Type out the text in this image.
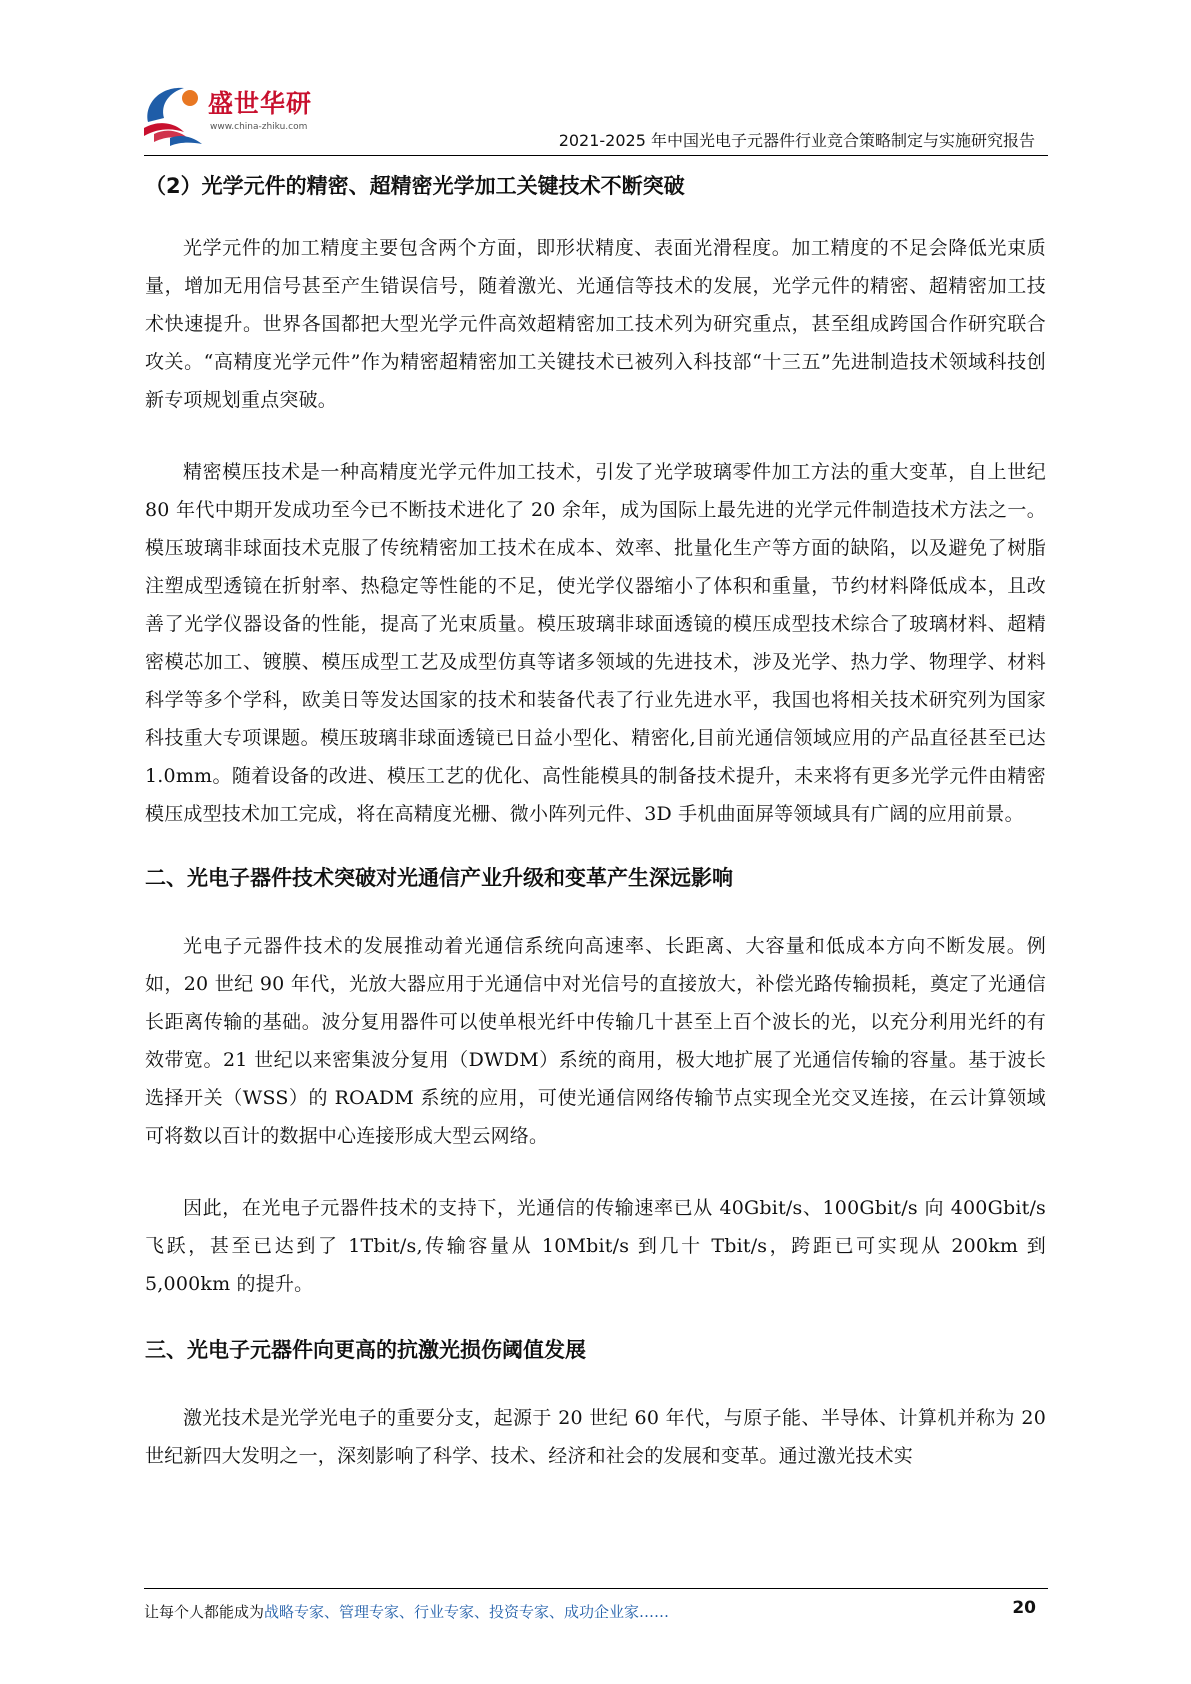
盛世华研
www.china-zhiku.com
2021-2025 年中国光电子元器件行业竞合策略制定与实施研究报告
（2）光学元件的精密、超精密光学加工关键技术不断突破

光学元件的加工精度主要包含两个方面，即形状精度、表面光滑程度。加工精度的不足会降低光束质量，增加无用信号甚至产生错误信号，随着激光、光通信等技术的发展，光学元件的精密、超精密加工技术快速提升。世界各国都把大型光学元件高效超精密加工技术列为研究重点，甚至组成跨国合作研究联合攻关。“高精度光学元件”作为精密超精密加工关键技术已被列入科技部“十三五”先进制造技术领域科技创新专项规划重点突破。

精密模压技术是一种高精度光学元件加工技术，引发了光学玻璃零件加工方法的重大变革，自上世纪 80 年代中期开发成功至今已不断技术进化了 20 余年，成为国际上最先进的光学元件制造技术方法之一。模压玻璃非球面技术克服了传统精密加工技术在成本、效率、批量化生产等方面的缺陷，以及避免了树脂注塑成型透镜在折射率、热稳定等性能的不足，使光学仪器缩小了体积和重量，节约材料降低成本，且改善了光学仪器设备的性能，提高了光束质量。模压玻璃非球面透镜的模压成型技术综合了玻璃材料、超精密模芯加工、镀膜、模压成型工艺及成型仿真等诸多领域的先进技术，涉及光学、热力学、物理学、材料科学等多个学科，欧美日等发达国家的技术和装备代表了行业先进水平，我国也将相关技术研究列为国家科技重大专项课题。模压玻璃非球面透镜已日益小型化、精密化,目前光通信领域应用的产品直径甚至已达 1.0mm。随着设备的改进、模压工艺的优化、高性能模具的制备技术提升，未来将有更多光学元件由精密模压成型技术加工完成，将在高精度光栅、微小阵列元件、3D 手机曲面屏等领域具有广阔的应用前景。

二、光电子器件技术突破对光通信产业升级和变革产生深远影响

光电子元器件技术的发展推动着光通信系统向高速率、长距离、大容量和低成本方向不断发展。例如，20 世纪 90 年代，光放大器应用于光通信中对光信号的直接放大，补偿光路传输损耗，奠定了光通信长距离传输的基础。波分复用器件可以使单根光纤中传输几十甚至上百个波长的光，以充分利用光纤的有效带宽。21 世纪以来密集波分复用（DWDM）系统的商用，极大地扩展了光通信传输的容量。基于波长选择开关（WSS）的 ROADM 系统的应用，可使光通信网络传输节点实现全光交叉连接，在云计算领域可将数以百计的数据中心连接形成大型云网络。

因此，在光电子元器件技术的支持下，光通信的传输速率已从 40Gbit/s、100Gbit/s 向 400Gbit/s 飞跃，甚至已达到了 1Tbit/s,传输容量从 10Mbit/s 到几十 Tbit/s，跨距已可实现从 200km 到 5,000km 的提升。

三、光电子元器件向更高的抗激光损伤阈值发展

激光技术是光学光电子的重要分支，起源于 20 世纪 60 年代，与原子能、半导体、计算机并称为 20 世纪新四大发明之一，深刻影响了科学、技术、经济和社会的发展和变革。通过激光技术实

让每个人都能成为战略专家、管理专家、行业专家、投资专家、成功企业家……	20
